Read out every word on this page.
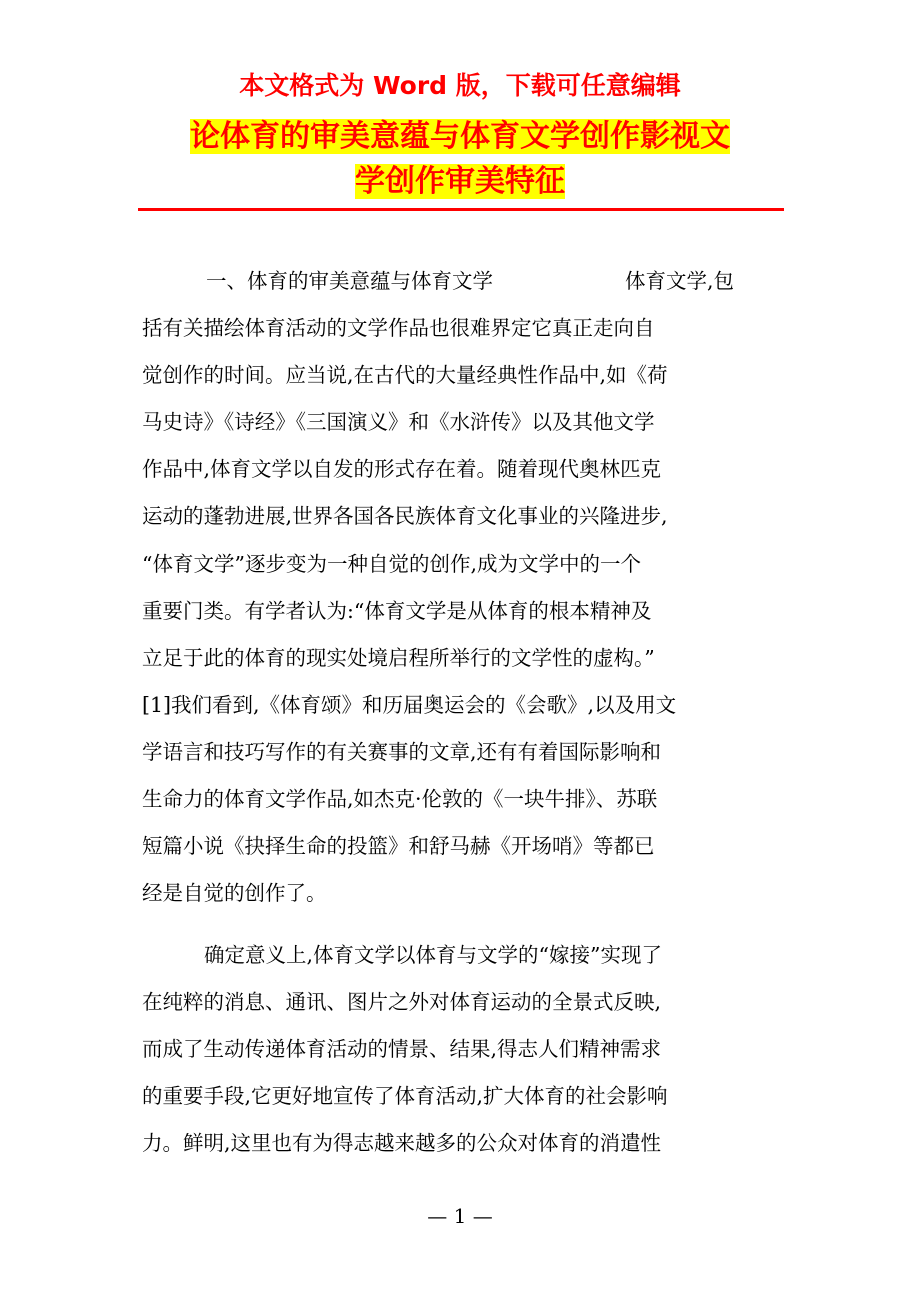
本文格式为 Word 版，下载可任意编辑
论体育的审美意蕴与体育文学创作影视文
学创作审美特征
一、体育的审美意蕴与体育文学	体育文学,包
括有关描绘体育活动的文学作品也很难界定它真正走向自
觉创作的时间。应当说,在古代的大量经典性作品中,如《荷
马史诗》《诗经》《三国演义》和《水浒传》以及其他文学
作品中,体育文学以自发的形式存在着。随着现代奥林匹克
运动的蓬勃进展,世界各国各民族体育文化事业的兴隆进步,
“体育文学”逐步变为一种自觉的创作,成为文学中的一个
重要门类。有学者认为:“体育文学是从体育的根本精神及
立足于此的体育的现实处境启程所举行的文学性的虚构。”
[1]我们看到,《体育颂》和历届奥运会的《会歌》,以及用文
学语言和技巧写作的有关赛事的文章,还有有着国际影响和
生命力的体育文学作品,如杰克·伦敦的《一块牛排》、苏联
短篇小说《抉择生命的投篮》和舒马赫《开场哨》等都已
经是自觉的创作了。
确定意义上,体育文学以体育与文学的“嫁接”实现了
在纯粹的消息、通讯、图片之外对体育运动的全景式反映,
而成了生动传递体育活动的情景、结果,得志人们精神需求
的重要手段,它更好地宣传了体育活动,扩大体育的社会影响
力。鲜明,这里也有为得志越来越多的公众对体育的消遣性
— 1 —
